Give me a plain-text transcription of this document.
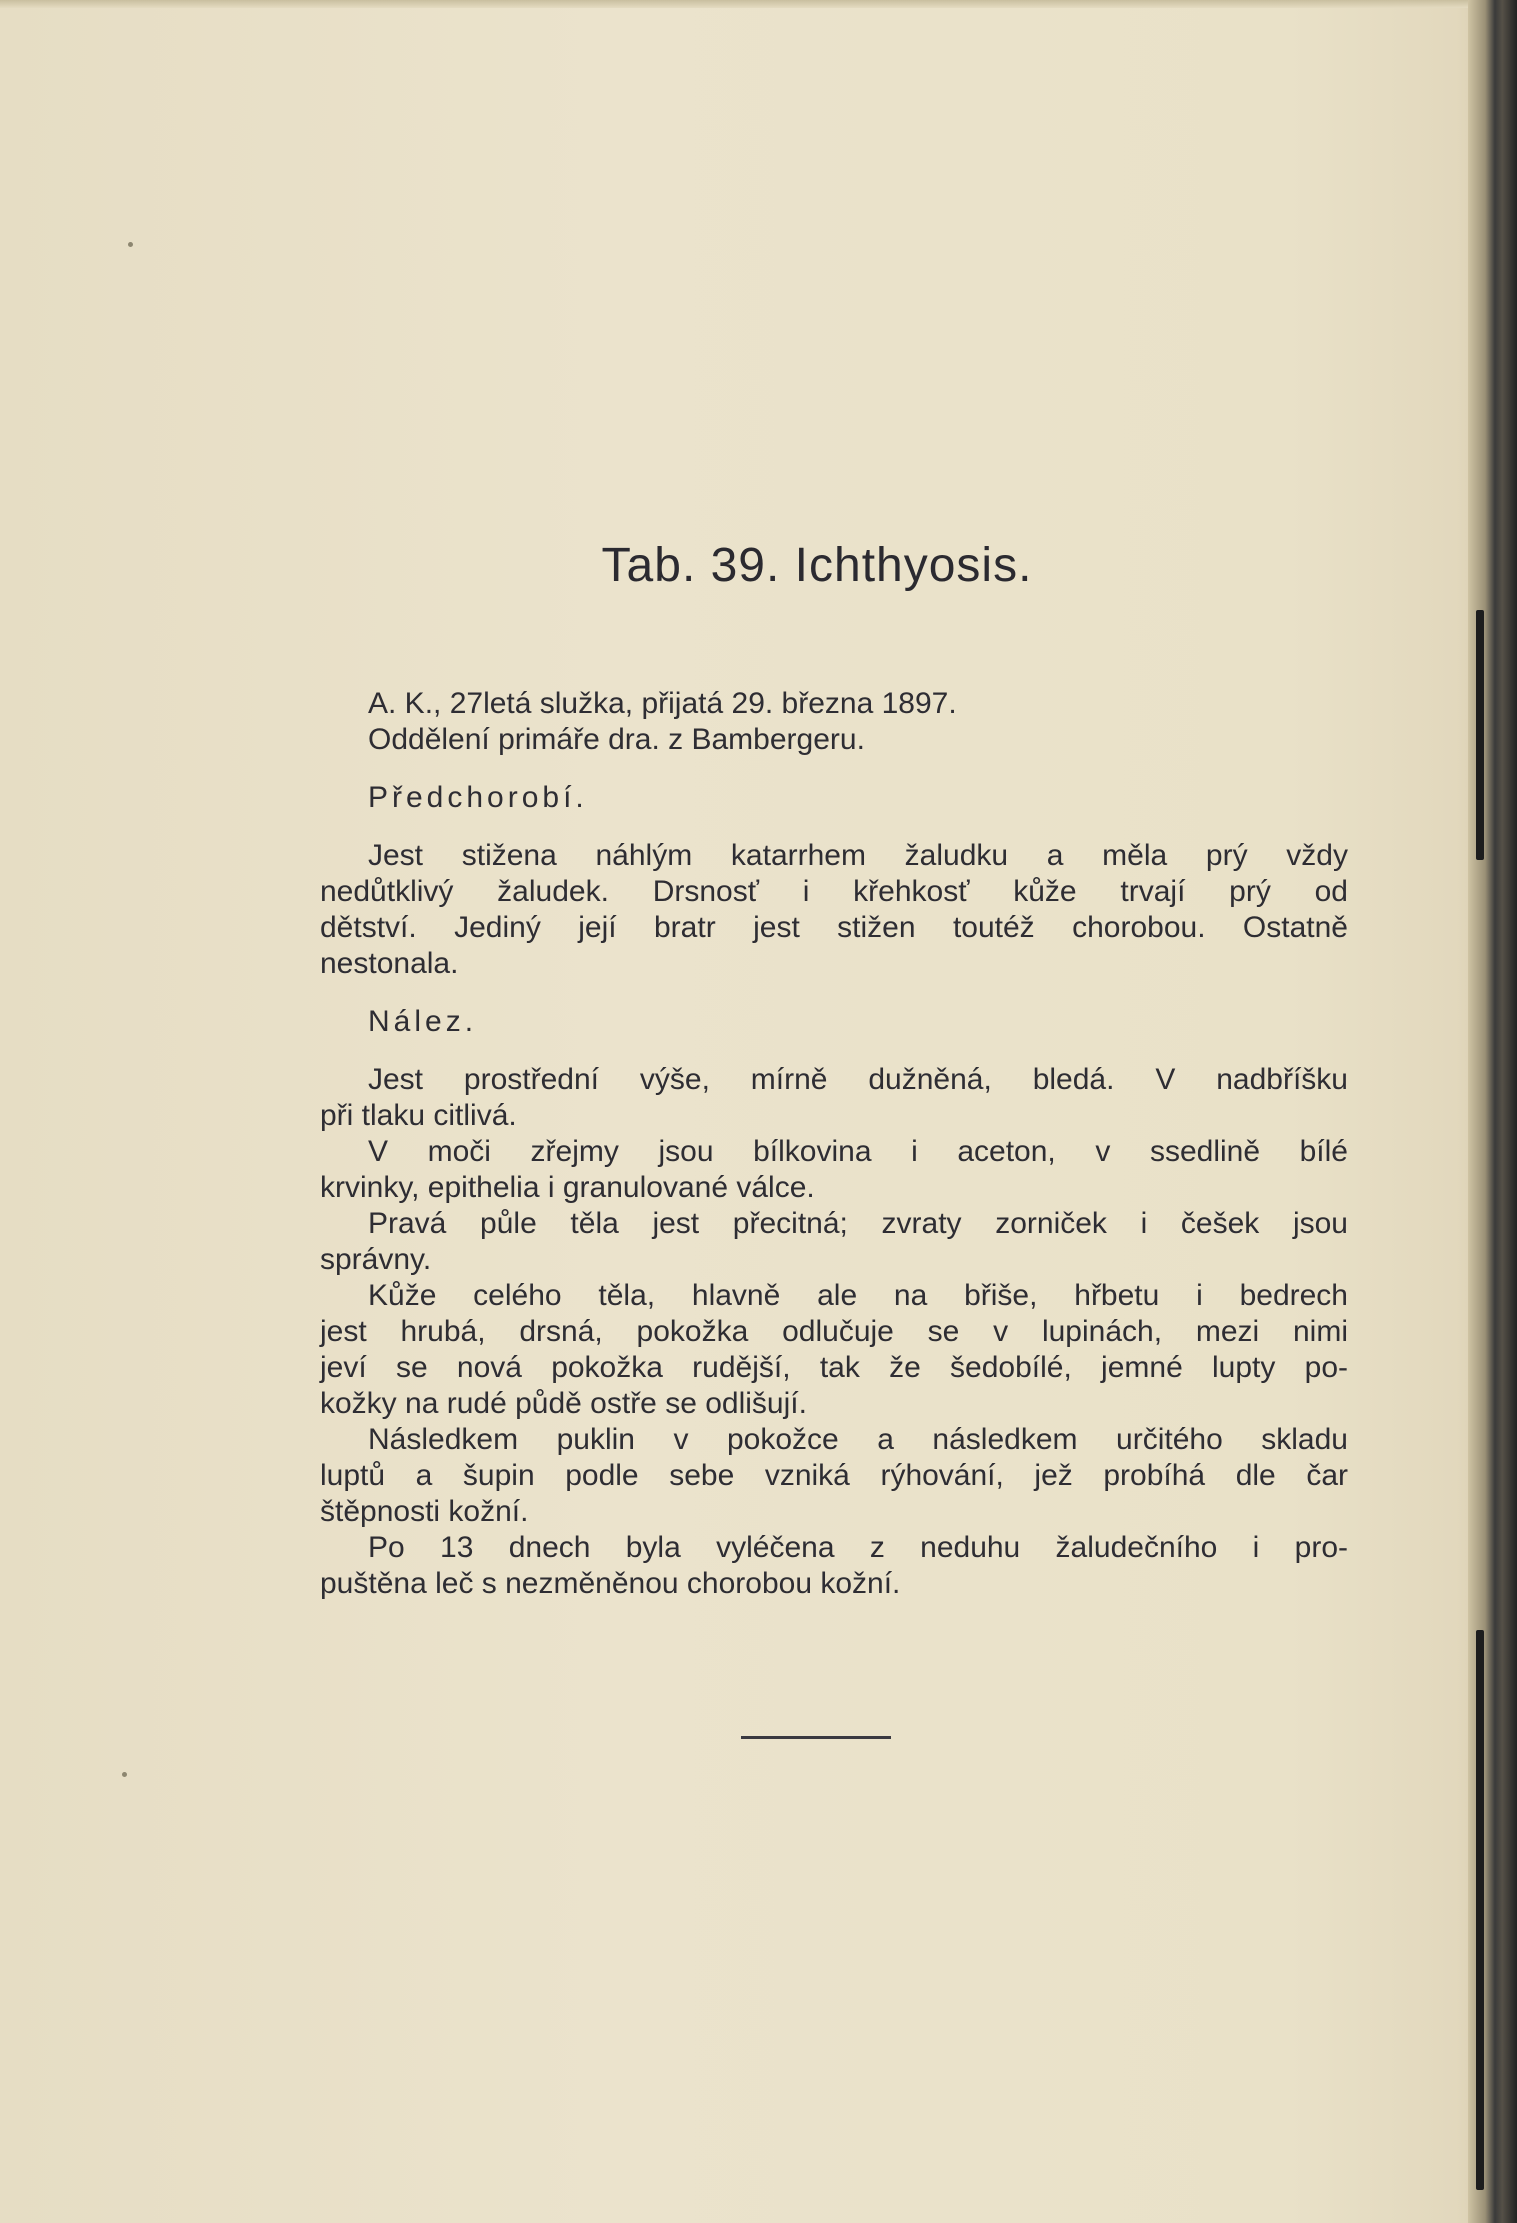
Tab. 39. Ichthyosis.

A. K., 27letá služka, přijatá 29. března 1897.

Oddělení primáře dra. z Bambergeru.

Předchorobí.

Jest stižena náhlým katarrhem žaludku a měla prý vždy

nedůtklivý žaludek. Drsnosť i křehkosť kůže trvají prý od

dětství. Jediný její bratr jest stižen toutéž chorobou. Ostatně

nestonala.

Nález.

Jest prostřední výše, mírně dužněná, bledá. V nadbříšku

při tlaku citlivá.

V moči zřejmy jsou bílkovina i aceton, v ssedlině bílé

krvinky, epithelia i granulované válce.

Pravá půle těla jest přecitná; zvraty zorniček i češek jsou

správny.

Kůže celého těla, hlavně ale na břiše, hřbetu i bedrech

jest hrubá, drsná, pokožka odlučuje se v lupinách, mezi nimi

jeví se nová pokožka rudější, tak že šedobílé, jemné lupty po-

kožky na rudé půdě ostře se odlišují.

Následkem puklin v pokožce a následkem určitého skladu

luptů a šupin podle sebe vzniká rýhování, jež probíhá dle čar

štěpnosti kožní.

Po 13 dnech byla vyléčena z neduhu žaludečního i pro-

puštěna leč s nezměněnou chorobou kožní.
